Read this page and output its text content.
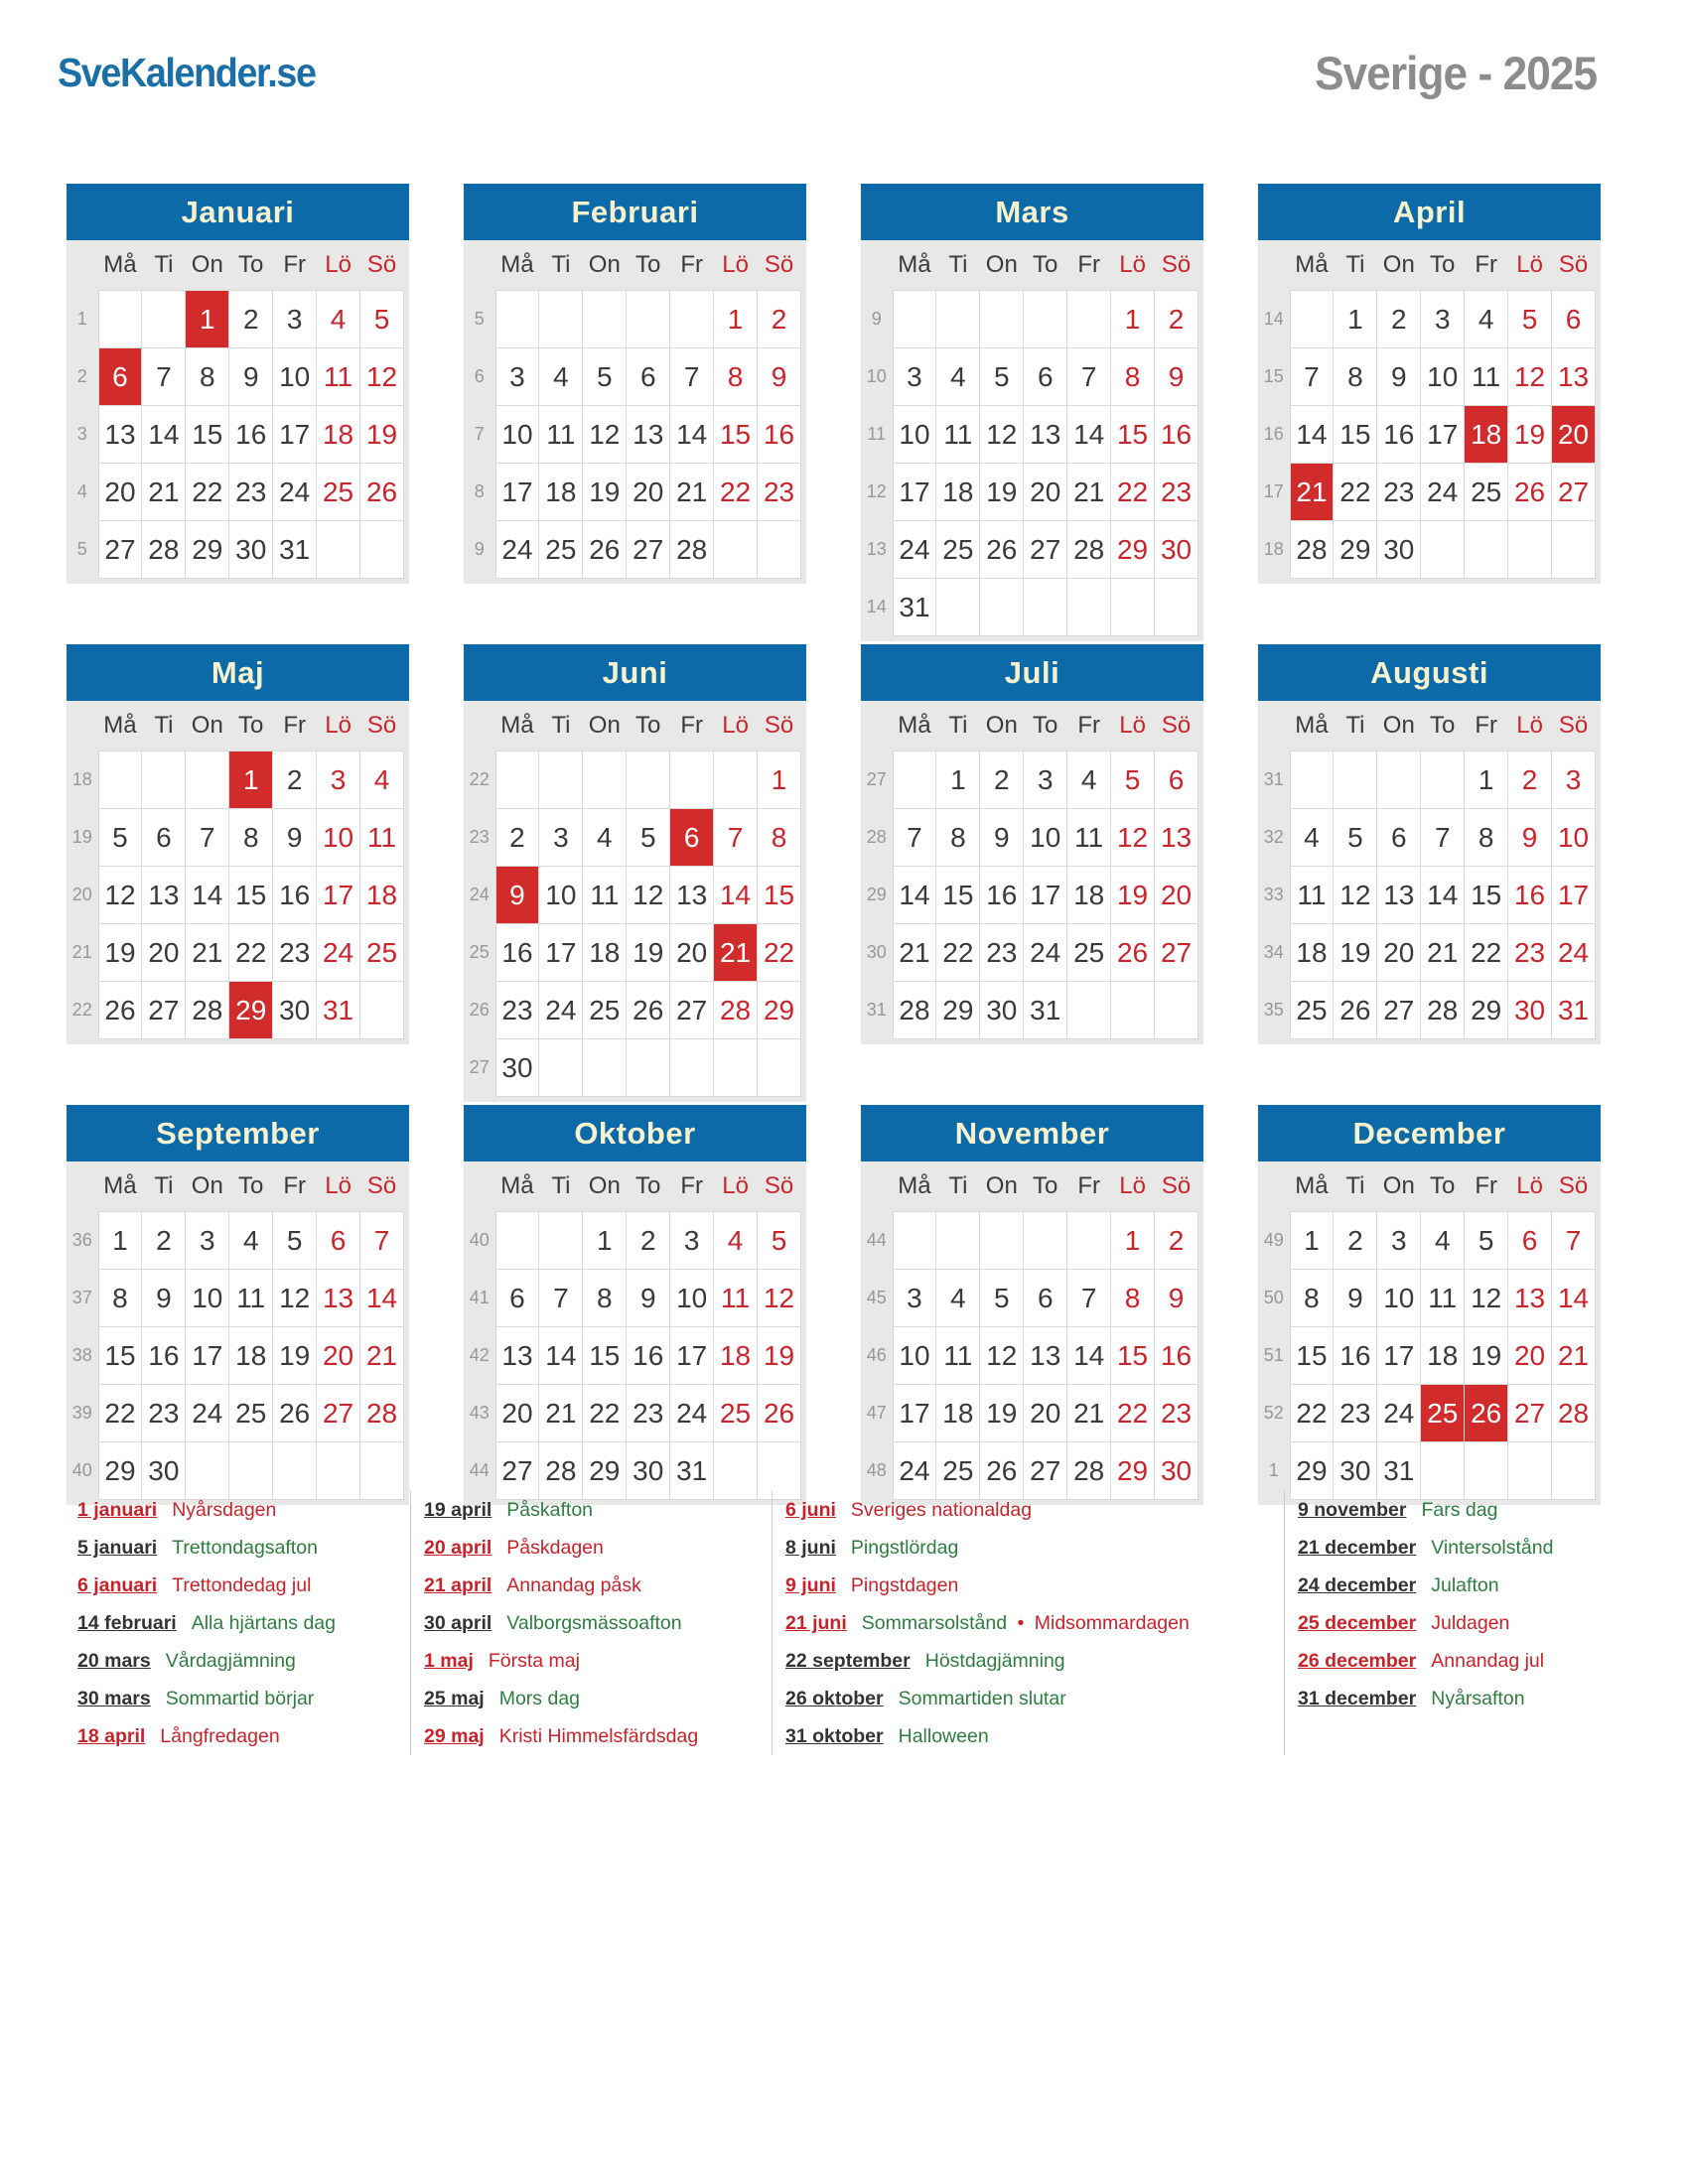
SveKalender.se	Sverige - 2025
Januari
	Må	Ti	On	To	Fr	Lö	Sö
1			1	2	3	4	5
2	6	7	8	9	10	11	12
3	13	14	15	16	17	18	19
4	20	21	22	23	24	25	26
5	27	28	29	30	31		
Februari
	Må	Ti	On	To	Fr	Lö	Sö
5						1	2
6	3	4	5	6	7	8	9
7	10	11	12	13	14	15	16
8	17	18	19	20	21	22	23
9	24	25	26	27	28		
Mars
	Må	Ti	On	To	Fr	Lö	Sö
9						1	2
10	3	4	5	6	7	8	9
11	10	11	12	13	14	15	16
12	17	18	19	20	21	22	23
13	24	25	26	27	28	29	30
14	31						
April
	Må	Ti	On	To	Fr	Lö	Sö
14		1	2	3	4	5	6
15	7	8	9	10	11	12	13
16	14	15	16	17	18	19	20
17	21	22	23	24	25	26	27
18	28	29	30				
Maj
	Må	Ti	On	To	Fr	Lö	Sö
18				1	2	3	4
19	5	6	7	8	9	10	11
20	12	13	14	15	16	17	18
21	19	20	21	22	23	24	25
22	26	27	28	29	30	31	
Juni
	Må	Ti	On	To	Fr	Lö	Sö
22							1
23	2	3	4	5	6	7	8
24	9	10	11	12	13	14	15
25	16	17	18	19	20	21	22
26	23	24	25	26	27	28	29
27	30						
Juli
	Må	Ti	On	To	Fr	Lö	Sö
27		1	2	3	4	5	6
28	7	8	9	10	11	12	13
29	14	15	16	17	18	19	20
30	21	22	23	24	25	26	27
31	28	29	30	31			
Augusti
	Må	Ti	On	To	Fr	Lö	Sö
31					1	2	3
32	4	5	6	7	8	9	10
33	11	12	13	14	15	16	17
34	18	19	20	21	22	23	24
35	25	26	27	28	29	30	31
September
	Må	Ti	On	To	Fr	Lö	Sö
36	1	2	3	4	5	6	7
37	8	9	10	11	12	13	14
38	15	16	17	18	19	20	21
39	22	23	24	25	26	27	28
40	29	30					
Oktober
	Må	Ti	On	To	Fr	Lö	Sö
40			1	2	3	4	5
41	6	7	8	9	10	11	12
42	13	14	15	16	17	18	19
43	20	21	22	23	24	25	26
44	27	28	29	30	31		
November
	Må	Ti	On	To	Fr	Lö	Sö
44						1	2
45	3	4	5	6	7	8	9
46	10	11	12	13	14	15	16
47	17	18	19	20	21	22	23
48	24	25	26	27	28	29	30
December
	Må	Ti	On	To	Fr	Lö	Sö
49	1	2	3	4	5	6	7
50	8	9	10	11	12	13	14
51	15	16	17	18	19	20	21
52	22	23	24	25	26	27	28
1	29	30	31				
1 januari Nyårsdagen
5 januari Trettondagsafton
6 januari Trettondedag jul
14 februari Alla hjärtans dag
20 mars Vårdagjämning
30 mars Sommartid börjar
18 april Långfredagen
19 april Påskafton
20 april Påskdagen
21 april Annandag påsk
30 april Valborgsmässoafton
1 maj Första maj
25 maj Mors dag
29 maj Kristi Himmelsfärdsdag
6 juni Sveriges nationaldag
8 juni Pingstlördag
9 juni Pingstdagen
21 juni Sommarsolstånd • Midsommardagen
22 september Höstdagjämning
26 oktober Sommartiden slutar
31 oktober Halloween
9 november Fars dag
21 december Vintersolstånd
24 december Julafton
25 december Juldagen
26 december Annandag jul
31 december Nyårsafton
